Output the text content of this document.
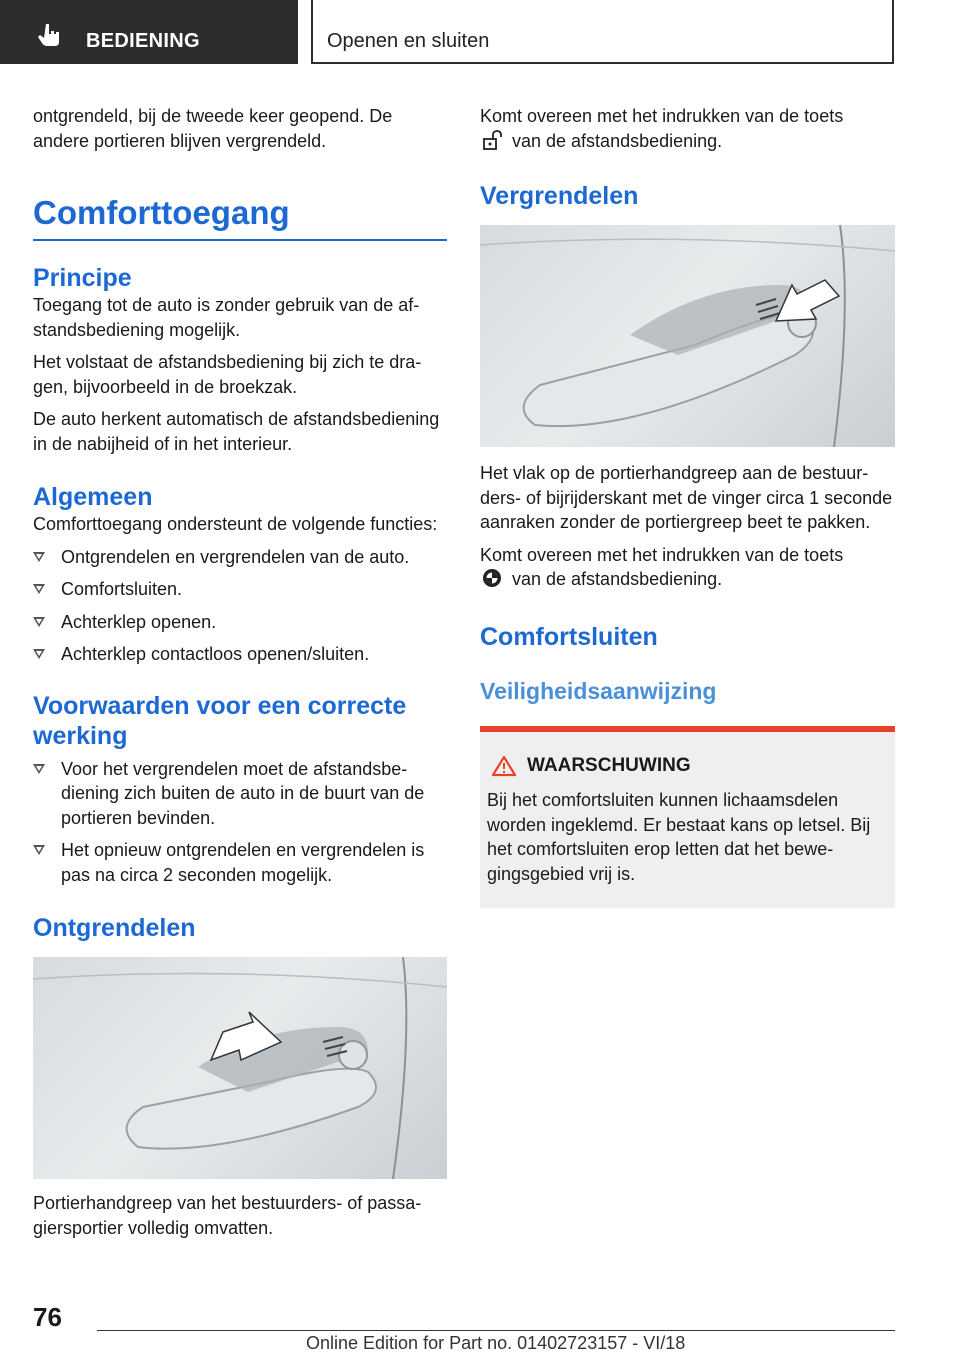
BEDIENING	Openen en sluiten

ontgrendeld, bij de tweede keer geopend. De andere portieren blijven vergrendeld.

Comforttoegang
Principe

Toegang tot de auto is zonder gebruik van de afstandsbediening mogelijk.

Het volstaat de afstandsbediening bij zich te dragen, bijvoorbeeld in de broekzak.

De auto herkent automatisch de afstandsbediening in de nabijheid of in het interieur.

Algemeen

Comforttoegang ondersteunt de volgende functies:

Ontgrendelen en vergrendelen van de auto.
Comfortsluiten.
Achterklep openen.
Achterklep contactloos openen/sluiten.
Voorwaarden voor een correcte werking
Voor het vergrendelen moet de afstandsbediening zich buiten de auto in de buurt van de portieren bevinden.
Het opnieuw ontgrendelen en vergrendelen is pas na circa 2 seconden mogelijk.
Ontgrendelen

Portierhandgreep van het bestuurders- of passagiersportier volledig omvatten.

Komt overeen met het indrukken van de toets
van de afstandsbediening.

Vergrendelen

Het vlak op de portierhandgreep aan de bestuurders- of bijrijderskant met de vinger circa 1 seconde aanraken zonder de portiergreep beet te pakken.

Komt overeen met het indrukken van de toets
van de afstandsbediening.

Comfortsluiten
Veiligheidsaanwijzing
WAARSCHUWING
Bij het comfortsluiten kunnen lichaamsdelen worden ingeklemd. Er bestaat kans op letsel. Bij het comfortsluiten erop letten dat het bewegingsgebied vrij is.
76
Online Edition for Part no. 01402723157 - VI/18
